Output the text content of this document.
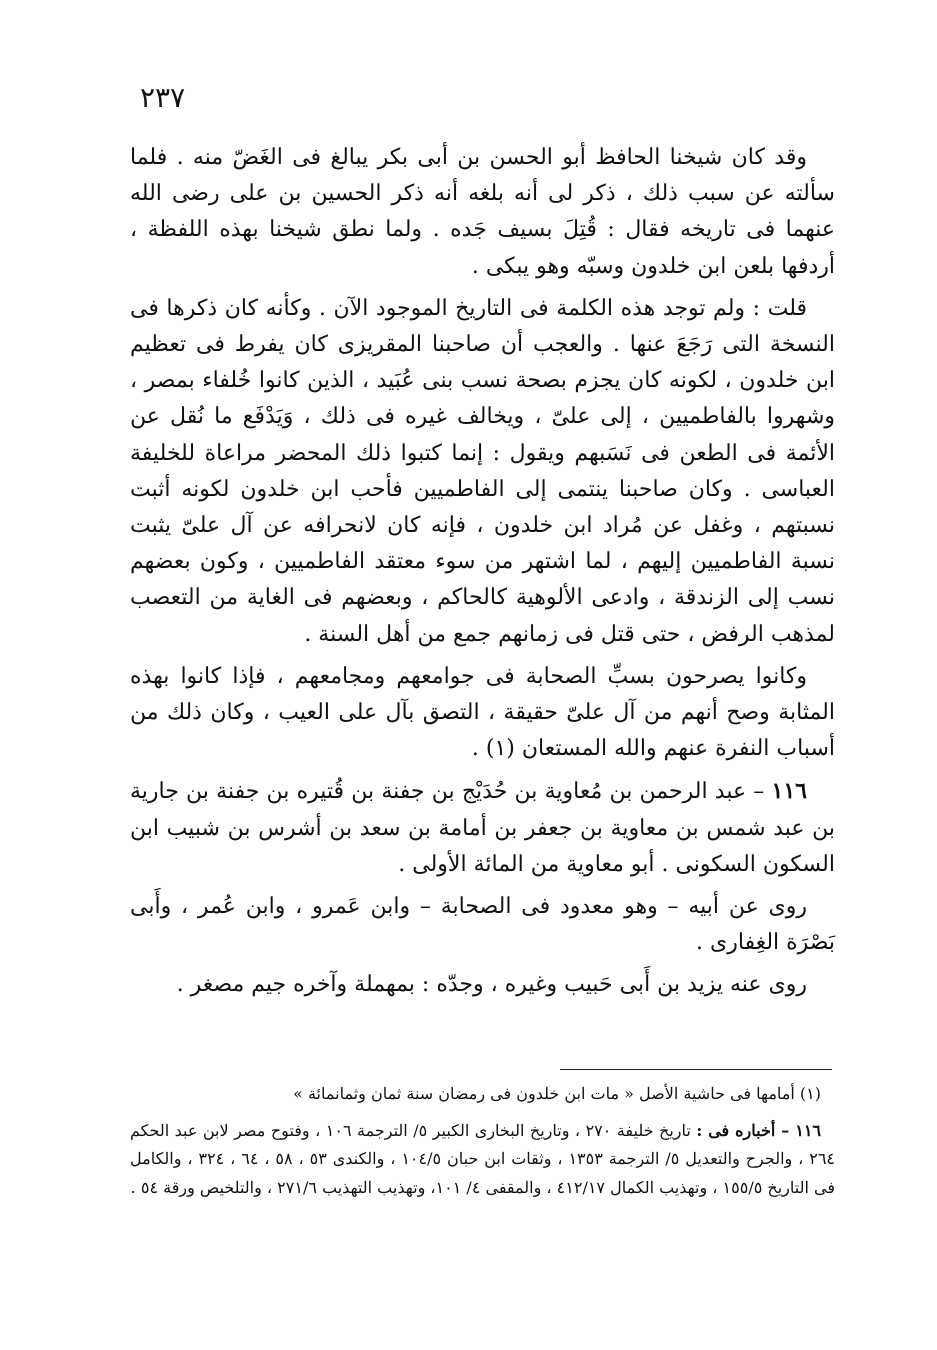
٢٣٧

وقد كان شيخنا الحافظ أبو الحسن بن أبى بكر يبالغ فى الغَضّ منه . فلما سألته عن سبب ذلك ، ذكر لى أنه بلغه أنه ذكر الحسين بن على رضى الله عنهما فى تاريخه فقال : قُتِلَ بسيف جَده . ولما نطق شيخنا بهذه اللفظة ، أردفها بلعن ابن خلدون وسبّه وهو يبكى .

قلت : ولم توجد هذه الكلمة فى التاريخ الموجود الآن . وكأنه كان ذكرها فى النسخة التى رَجَعَ عنها . والعجب أن صاحبنا المقريزى كان يفرط فى تعظيم ابن خلدون ، لكونه كان يجزم بصحة نسب بنى عُبَيد ، الذين كانوا خُلفاء بمصر ، وشهروا بالفاطميين ، إلى علىّ ، ويخالف غيره فى ذلك ، وَيَدْفَع ما نُقل عن الأئمة فى الطعن فى نَسَبهم ويقول : إنما كتبوا ذلك المحضر مراعاة للخليفة العباسى . وكان صاحبنا ينتمى إلى الفاطميين فأحب ابن خلدون لكونه أثبت نسبتهم ، وغفل عن مُراد ابن خلدون ، فإنه كان لانحرافه عن آل علىّ يثبت نسبة الفاطميين إليهم ، لما اشتهر من سوء معتقد الفاطميين ، وكون بعضهم نسب إلى الزندقة ، وادعى الألوهية كالحاكم ، وبعضهم فى الغاية من التعصب لمذهب الرفض ، حتى قتل فى زمانهم جمع من أهل السنة .

وكانوا يصرحون بسبِّ الصحابة فى جوامعهم ومجامعهم ، فإذا كانوا بهذه المثابة وصح أنهم من آل علىّ حقيقة ، التصق بآل على العيب ، وكان ذلك من أسباب النفرة عنهم والله المستعان (١) .

١١٦ – عبد الرحمن بن مُعاوية بن حُدَيْج بن جفنة بن قُتيره بن جفنة بن جارية بن عبد شمس بن معاوية بن جعفر بن أمامة بن سعد بن أشرس بن شبيب ابن السكون السكونى . أبو معاوية من المائة الأولى .

روى عن أبيه – وهو معدود فى الصحابة – وابن عَمرو ، وابن عُمر ، وأَبى بَصْرَة الغِفارى .

روى عنه يزيد بن أَبى حَبيب وغيره ، وجدّه : بمهملة وآخره جيم مصغر .

(١) أمامها فى حاشية الأصل « مات ابن خلدون فى رمضان سنة ثمان وثمانمائة »

١١٦ – أخباره فى : تاريخ خليفة ٢٧٠ ، وتاريخ البخارى الكبير ٥/ الترجمة ١٠٦ ، وفتوح مصر لابن عبد الحكم ٢٦٤ ، والجرح والتعديل ٥/ الترجمة ١٣٥٣ ، وثقات ابن حبان ١٠٤/٥ ، والكندى ٥٣ ، ٥٨ ، ٦٤ ، ٣٢٤ ، والكامل فى التاريخ ١٥٥/٥ ، وتهذيب الكمال ٤١٢/١٧ ، والمقفى ٤/ ١٠١، وتهذيب التهذيب ٢٧١/٦ ، والتلخيص ورقة ٥٤ .
